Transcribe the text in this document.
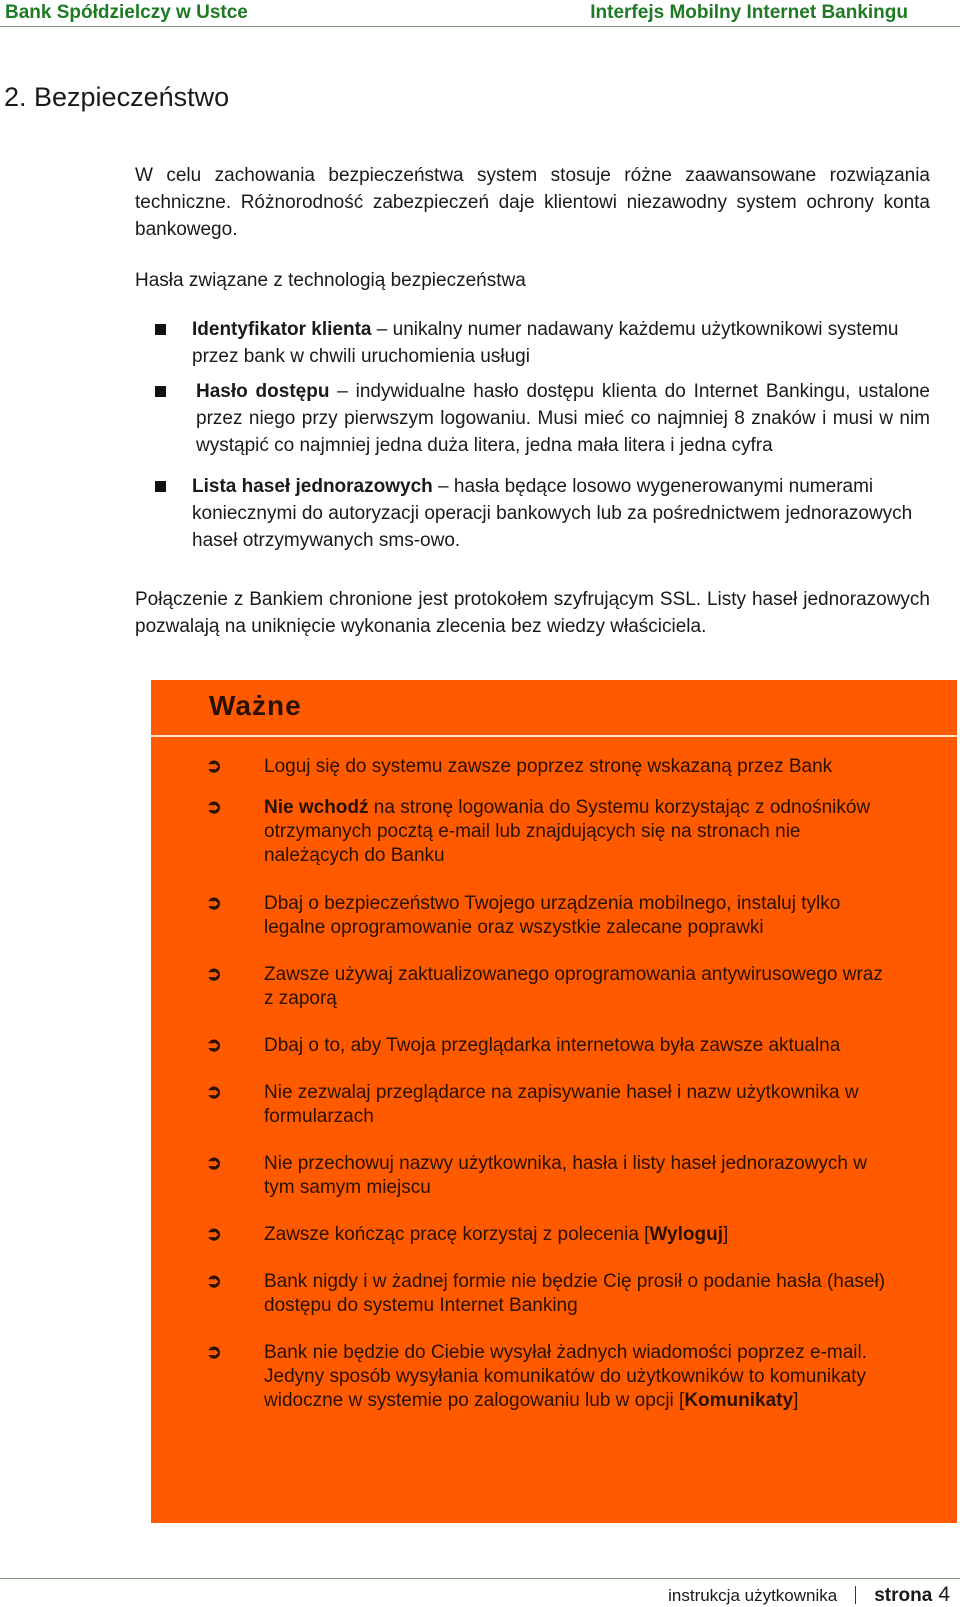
Bank Spółdzielczy w Ustce	Interfejs Mobilny Internet Bankingu
2. Bezpieczeństwo
W celu zachowania bezpieczeństwa system stosuje różne zaawansowane rozwiązania techniczne. Różnorodność zabezpieczeń daje klientowi niezawodny system ochrony konta bankowego.
Hasła związane z technologią bezpieczeństwa
Identyfikator klienta – unikalny numer nadawany każdemu użytkownikowi systemu przez bank w chwili uruchomienia usługi
Hasło dostępu – indywidualne hasło dostępu klienta do Internet Bankingu, ustalone przez niego przy pierwszym logowaniu. Musi mieć co najmniej 8 znaków i musi w nim wystąpić co najmniej jedna duża litera, jedna mała litera i jedna cyfra
Lista haseł jednorazowych – hasła będące losowo wygenerowanymi numerami koniecznymi do autoryzacji operacji bankowych lub za pośrednictwem jednorazowych haseł otrzymywanych sms-owo.
Połączenie z Bankiem chronione jest protokołem szyfrującym SSL. Listy haseł jednorazowych pozwalają na uniknięcie wykonania zlecenia bez wiedzy właściciela.
Ważne
➲ Loguj się do systemu zawsze poprzez stronę wskazaną przez Bank
➲ Nie wchodź na stronę logowania do Systemu korzystając z odnośników otrzymanych pocztą e-mail lub znajdujących się na stronach nie należących do Banku
➲ Dbaj o bezpieczeństwo Twojego urządzenia mobilnego, instaluj tylko legalne oprogramowanie oraz wszystkie zalecane poprawki
➲ Zawsze używaj zaktualizowanego oprogramowania antywirusowego wraz z zaporą
➲ Dbaj o to, aby Twoja przeglądarka internetowa była zawsze aktualna
➲ Nie zezwalaj przeglądarce na zapisywanie haseł i nazw użytkownika w formularzach
➲ Nie przechowuj nazwy użytkownika, hasła i listy haseł jednorazowych w tym samym miejscu
➲ Zawsze kończąc pracę korzystaj z polecenia [Wyloguj]
➲ Bank nigdy i w żadnej formie nie będzie Cię prosił o podanie hasła (haseł) dostępu do systemu Internet Banking
➲ Bank nie będzie do Ciebie wysyłał żadnych wiadomości poprzez e-mail. Jedyny sposób wysyłania komunikatów do użytkowników to komunikaty widoczne w systemie po zalogowaniu lub w opcji [Komunikaty]
instrukcja użytkownika strona 4
